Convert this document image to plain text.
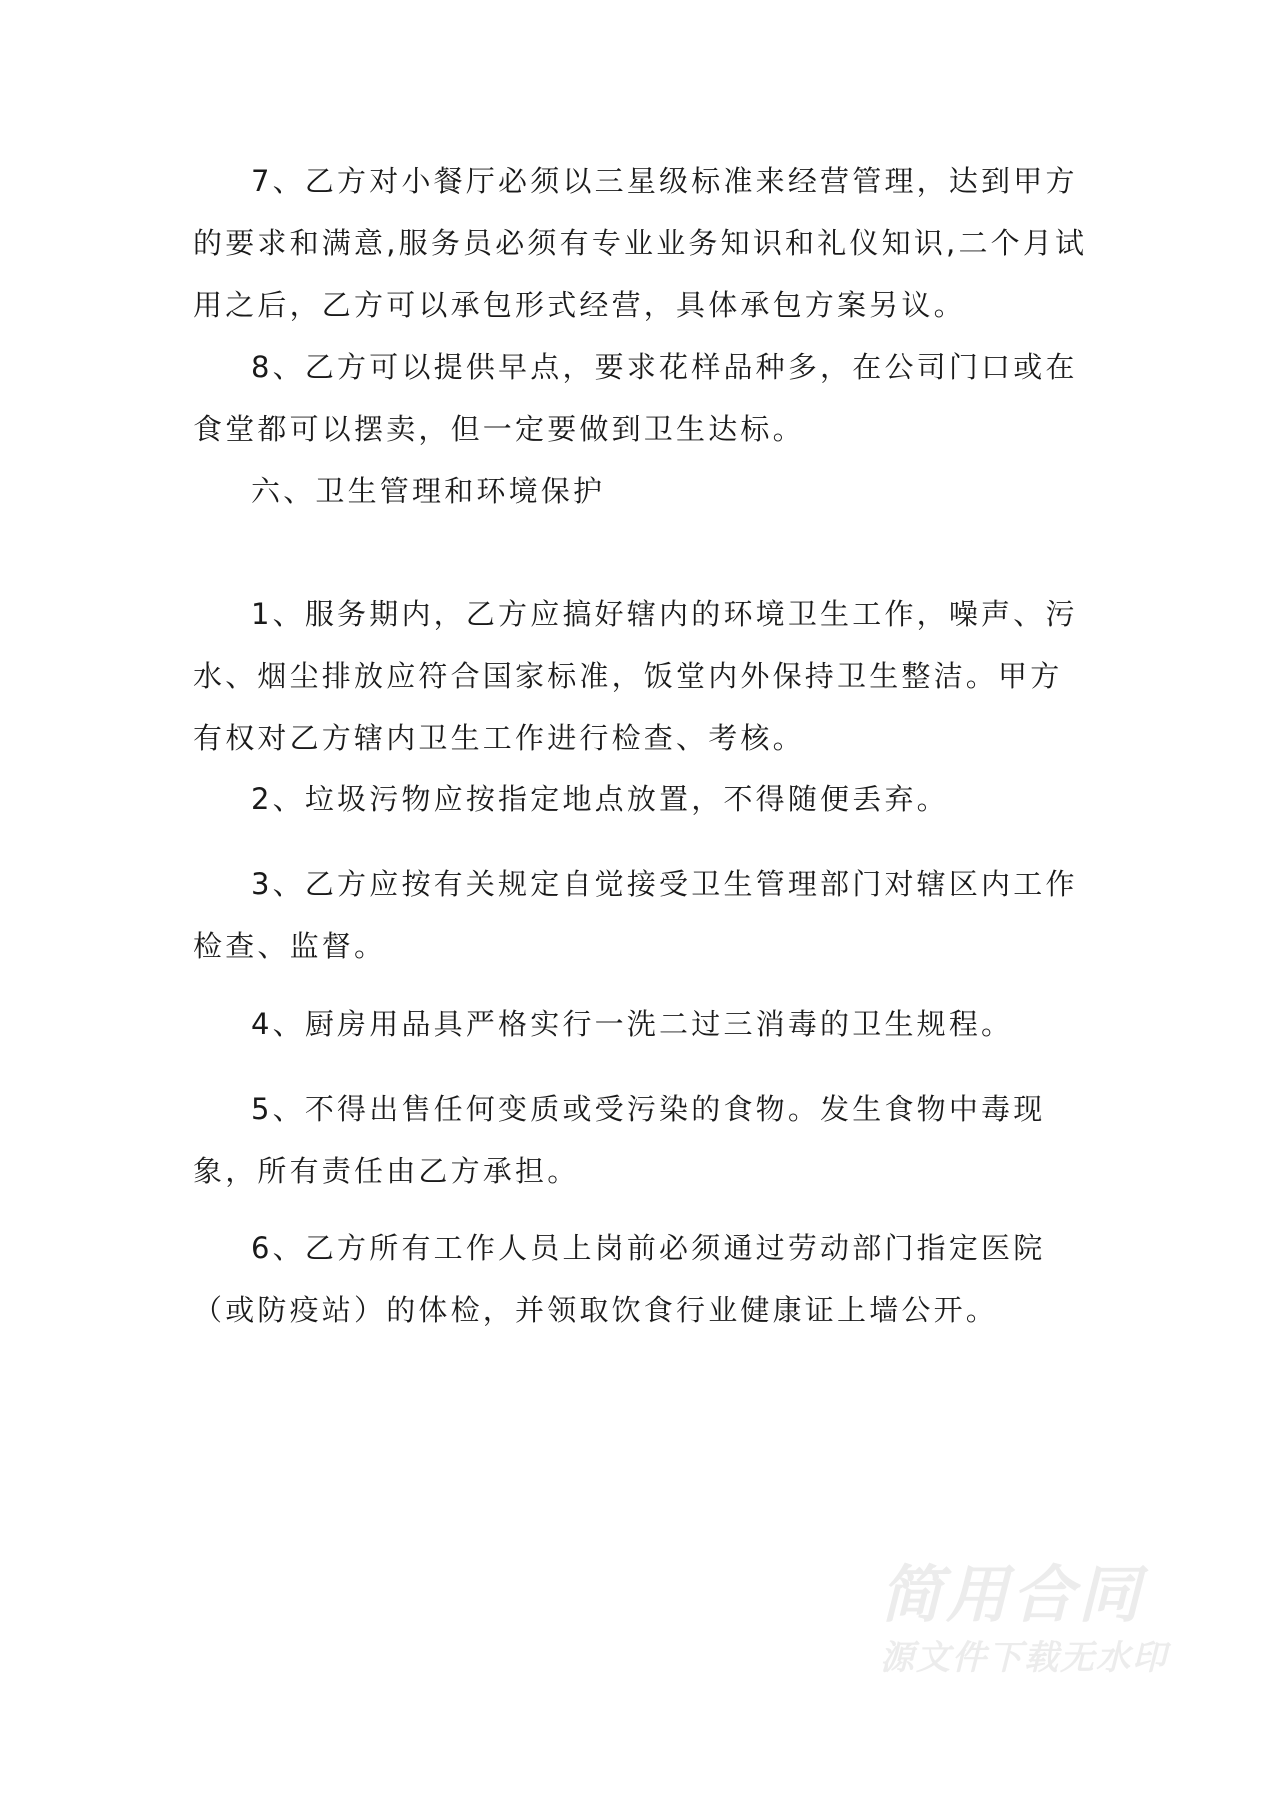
7、乙方对小餐厅必须以三星级标准来经营管理，达到甲方的要求和满意,服务员必须有专业业务知识和礼仪知识,二个月试用之后，乙方可以承包形式经营，具体承包方案另议。

8、乙方可以提供早点，要求花样品种多，在公司门口或在食堂都可以摆卖，但一定要做到卫生达标。

六、卫生管理和环境保护

1、服务期内，乙方应搞好辖内的环境卫生工作，噪声、污水、烟尘排放应符合国家标准，饭堂内外保持卫生整洁。甲方有权对乙方辖内卫生工作进行检查、考核。

2、垃圾污物应按指定地点放置，不得随便丢弃。

3、乙方应按有关规定自觉接受卫生管理部门对辖区内工作检查、监督。

4、厨房用品具严格实行一洗二过三消毒的卫生规程。

5、不得出售任何变质或受污染的食物。发生食物中毒现象，所有责任由乙方承担。

6、乙方所有工作人员上岗前必须通过劳动部门指定医院（或防疫站）的体检，并领取饮食行业健康证上墙公开。

简用合同
源文件下载无水印
